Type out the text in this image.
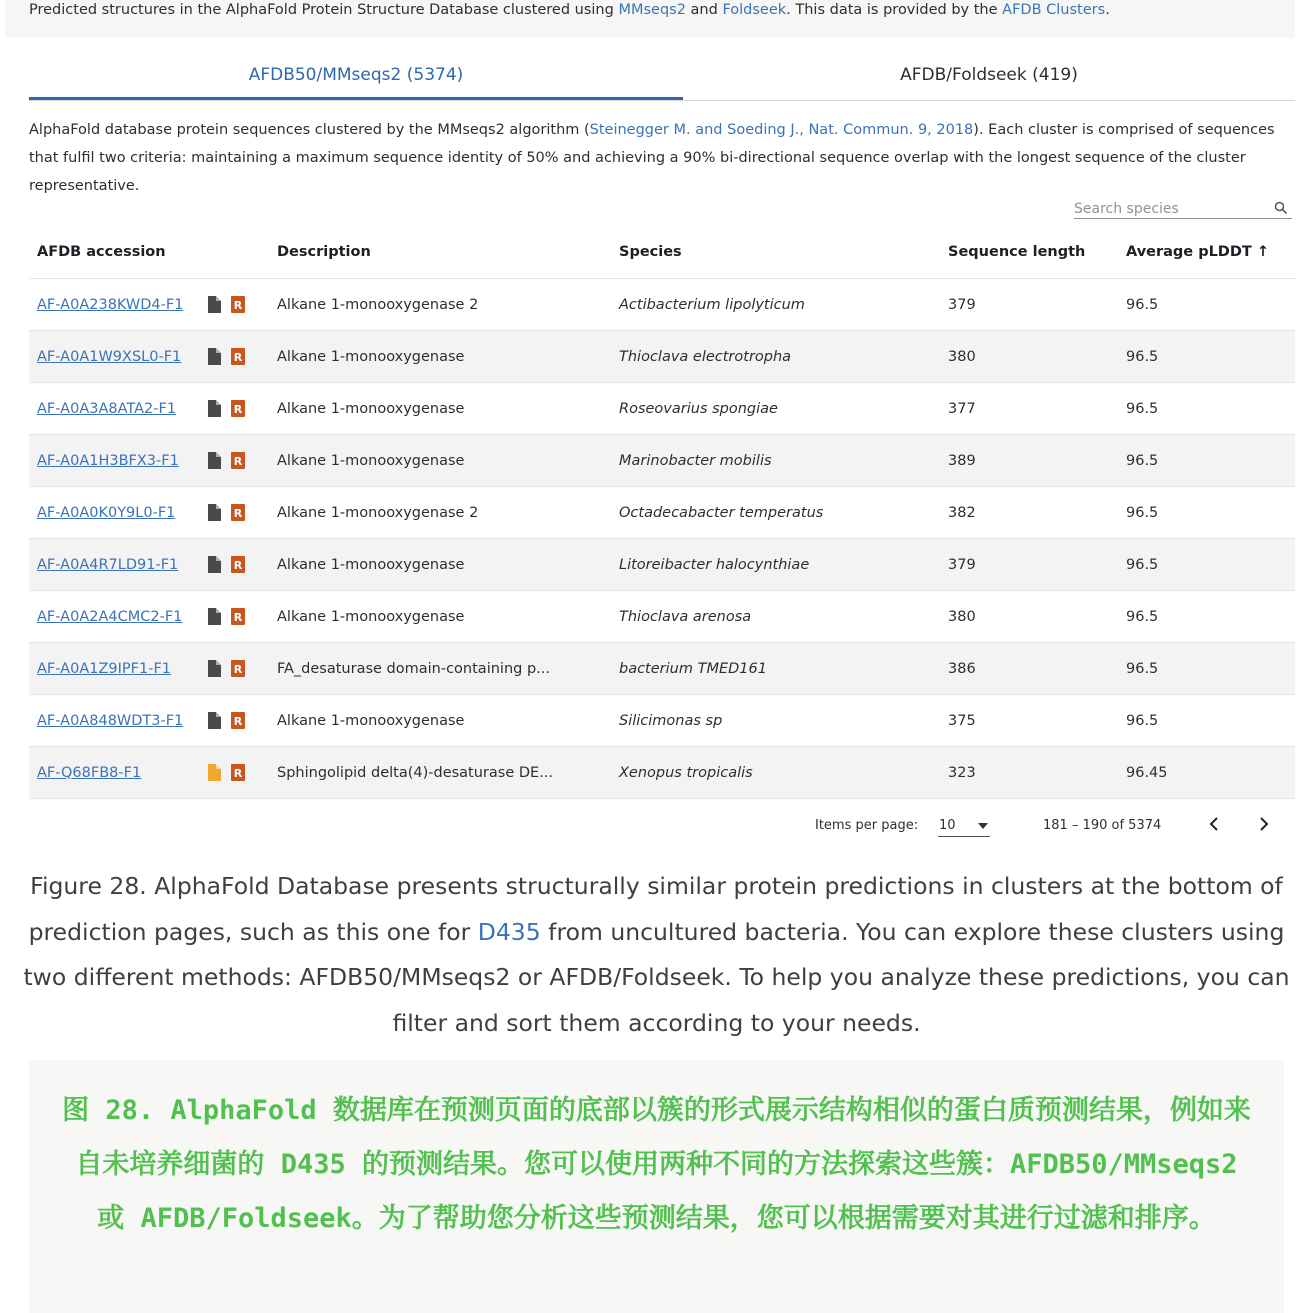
Predicted structures in the AlphaFold Protein Structure Database clustered using MMseqs2 and Foldseek. This data is provided by the AFDB Clusters.
AFDB50/MMseqs2 (5374)	AFDB/Foldseek (419)
AlphaFold database protein sequences clustered by the MMseqs2 algorithm (Steinegger M. and Soeding J., Nat. Commun. 9, 2018). Each cluster is comprised of sequences that fulfil two criteria: maintaining a maximum sequence identity of 50% and achieving a 90% bi-directional sequence overlap with the longest sequence of the cluster representative.
Search species
AFDB accession	Description	Species	Sequence length	Average pLDDT ↑
AF-A0A238KWD4-F1 R	Alkane 1-monooxygenase 2	Actibacterium lipolyticum	379	96.5
AF-A0A1W9XSL0-F1 R	Alkane 1-monooxygenase	Thioclava electrotropha	380	96.5
AF-A0A3A8ATA2-F1 R	Alkane 1-monooxygenase	Roseovarius spongiae	377	96.5
AF-A0A1H3BFX3-F1 R	Alkane 1-monooxygenase	Marinobacter mobilis	389	96.5
AF-A0A0K0Y9L0-F1 R	Alkane 1-monooxygenase 2	Octadecabacter temperatus	382	96.5
AF-A0A4R7LD91-F1 R	Alkane 1-monooxygenase	Litoreibacter halocynthiae	379	96.5
AF-A0A2A4CMC2-F1 R	Alkane 1-monooxygenase	Thioclava arenosa	380	96.5
AF-A0A1Z9IPF1-F1 R	FA_desaturase domain-containing p...	bacterium TMED161	386	96.5
AF-A0A848WDT3-F1 R	Alkane 1-monooxygenase	Silicimonas sp	375	96.5
AF-Q68FB8-F1 R	Sphingolipid delta(4)-desaturase DE...	Xenopus tropicalis	323	96.45
Items per page: 10	181 – 190 of 5374
Figure 28. AlphaFold Database presents structurally similar protein predictions in clusters at the bottom of prediction pages, such as this one for D435 from uncultured bacteria. You can explore these clusters using two different methods: AFDB50/MMseqs2 or AFDB/Foldseek. To help you analyze these predictions, you can filter and sort them according to your needs.
图 28. AlphaFold 数据库在预测页面的底部以簇的形式展示结构相似的蛋白质预测结果，例如来自未培养细菌的 D435 的预测结果。您可以使用两种不同的方法探索这些簇：AFDB50/MMseqs2 或 AFDB/Foldseek。为了帮助您分析这些预测结果，您可以根据需要对其进行过滤和排序。
